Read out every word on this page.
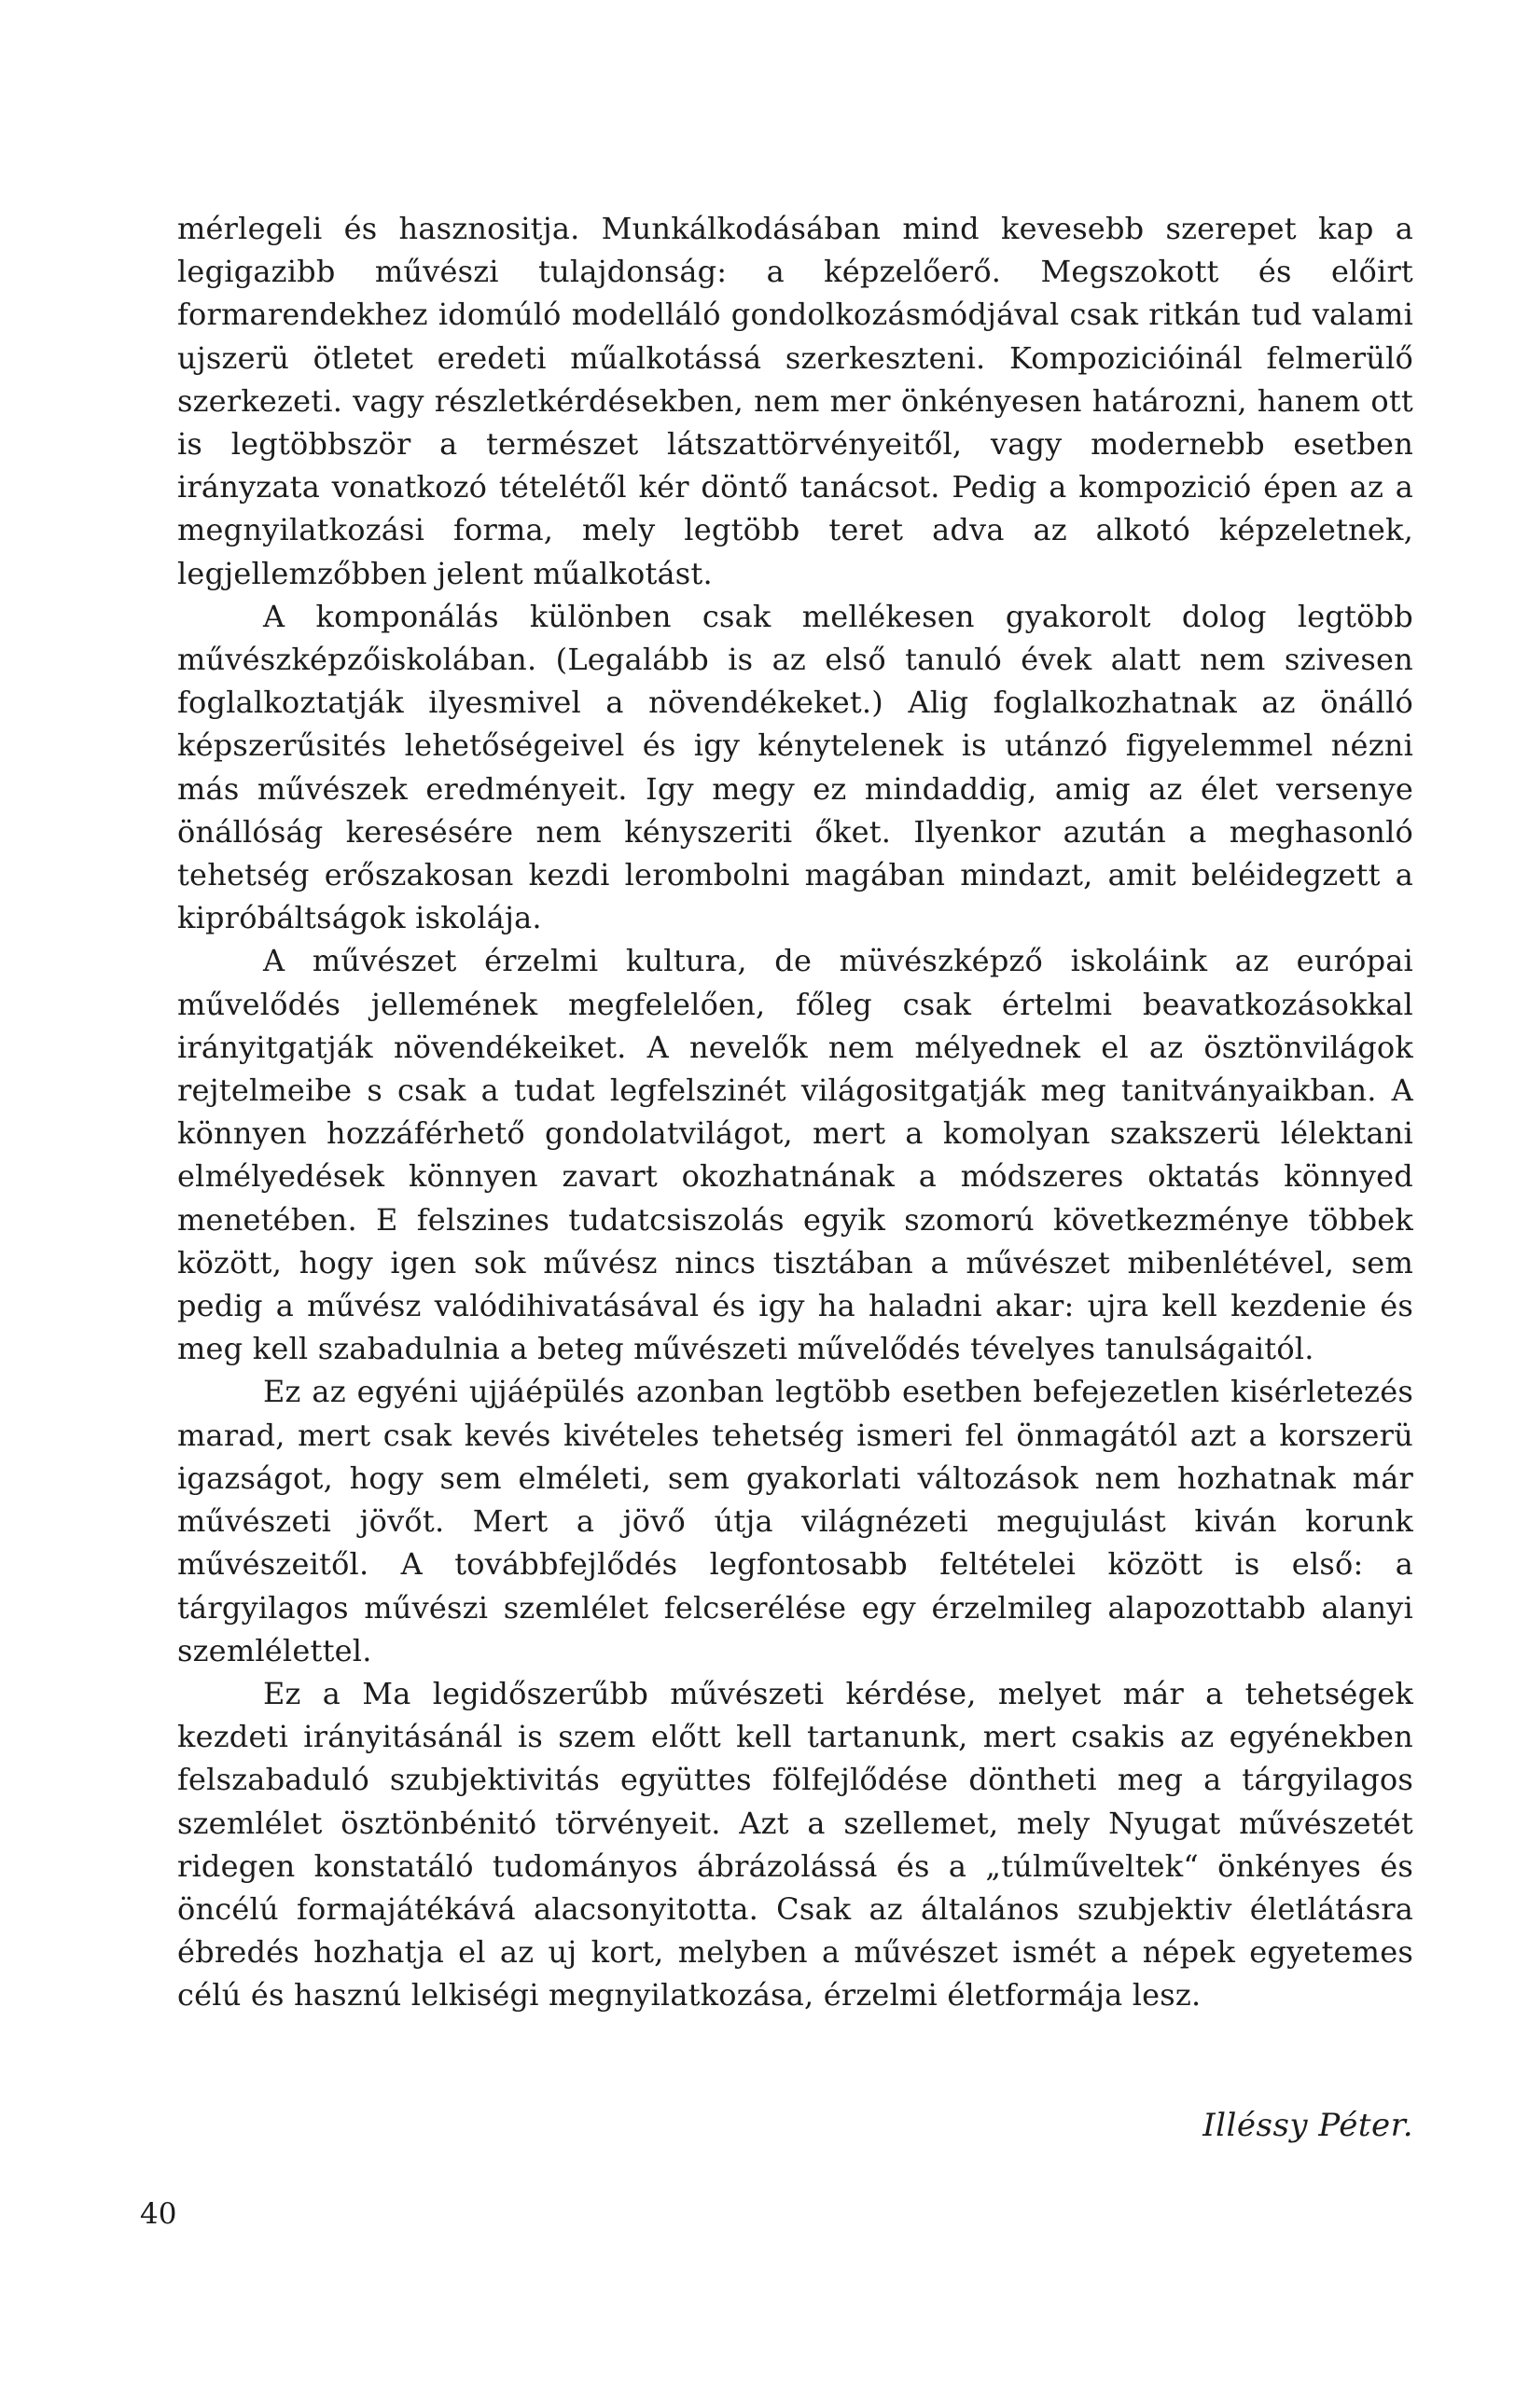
mérlegeli és hasznositja. Munkálkodásában mind kevesebb szerepet kap a legigazibb művészi tulajdonság: a képzelőerő. Megszokott és előirt formarendekhez idomúló modelláló gondolkozásmódjával csak ritkán tud valami ujszerü ötletet eredeti műalkotássá szerkeszteni. Kompozicióinál felmerülő szerkezeti. vagy részletkérdésekben, nem mer önkényesen határozni, hanem ott is legtöbbször a természet látszattörvényeitől, vagy modernebb esetben irányzata vonatkozó tételétől kér döntő tanácsot. Pedig a kompozició épen az a megnyilatkozási forma, mely legtöbb teret adva az alkotó képzeletnek, legjellemzőbben jelent műalkotást.

A komponálás különben csak mellékesen gyakorolt dolog legtöbb művészképzőiskolában. (Legalább is az első tanuló évek alatt nem szivesen foglalkoztatják ilyesmivel a növendékeket.) Alig foglalkozhatnak az önálló képszerűsités lehetőségeivel és igy kénytelenek is utánzó figyelemmel nézni más művészek eredményeit. Igy megy ez mindaddig, amig az élet versenye önállóság keresésére nem kényszeriti őket. Ilyenkor azután a meghasonló tehetség erőszakosan kezdi lerombolni magában mindazt, amit beléidegzett a kipróbáltságok iskolája.

A művészet érzelmi kultura, de müvészképző iskoláink az európai művelődés jellemének megfelelően, főleg csak értelmi beavatkozásokkal irányitgatják növendékeiket. A nevelők nem mélyednek el az ösztönvilágok rejtelmeibe s csak a tudat legfelszinét világositgatják meg tanitványaikban. A könnyen hozzáférhető gondolatvilágot, mert a komolyan szakszerü lélektani elmélyedések könnyen zavart okozhatnának a módszeres oktatás könnyed menetében. E felszines tudatcsiszolás egyik szomorú következménye többek között, hogy igen sok művész nincs tisztában a művészet mibenlétével, sem pedig a művész valódihivatásával és igy ha haladni akar: ujra kell kezdenie és meg kell szabadulnia a beteg művészeti művelődés tévelyes tanulságaitól.

Ez az egyéni ujjáépülés azonban legtöbb esetben befejezetlen kisérletezés marad, mert csak kevés kivételes tehetség ismeri fel önmagától azt a korszerü igazságot, hogy sem elméleti, sem gyakorlati változások nem hozhatnak már művészeti jövőt. Mert a jövő útja világnézeti megujulást kiván korunk művészeitől. A továbbfejlődés legfontosabb feltételei között is első: a tárgyilagos művészi szemlélet felcserélése egy érzelmileg alapozottabb alanyi szemlélettel.

Ez a Ma legidőszerűbb művészeti kérdése, melyet már a tehetségek kezdeti irányitásánál is szem előtt kell tartanunk, mert csakis az egyénekben felszabaduló szubjektivitás együttes fölfejlődése döntheti meg a tárgyilagos szemlélet ösztönbénitó törvényeit. Azt a szellemet, mely Nyugat művészetét ridegen konstatáló tudományos ábrázolássá és a „túlműveltek“ önkényes és öncélú formajátékává alacsonyitotta. Csak az általános szubjektiv életlátásra ébredés hozhatja el az uj kort, melyben a művészet ismét a népek egyetemes célú és hasznú lelkiségi megnyilatkozása, érzelmi életformája lesz.

Illéssy Péter.
40
